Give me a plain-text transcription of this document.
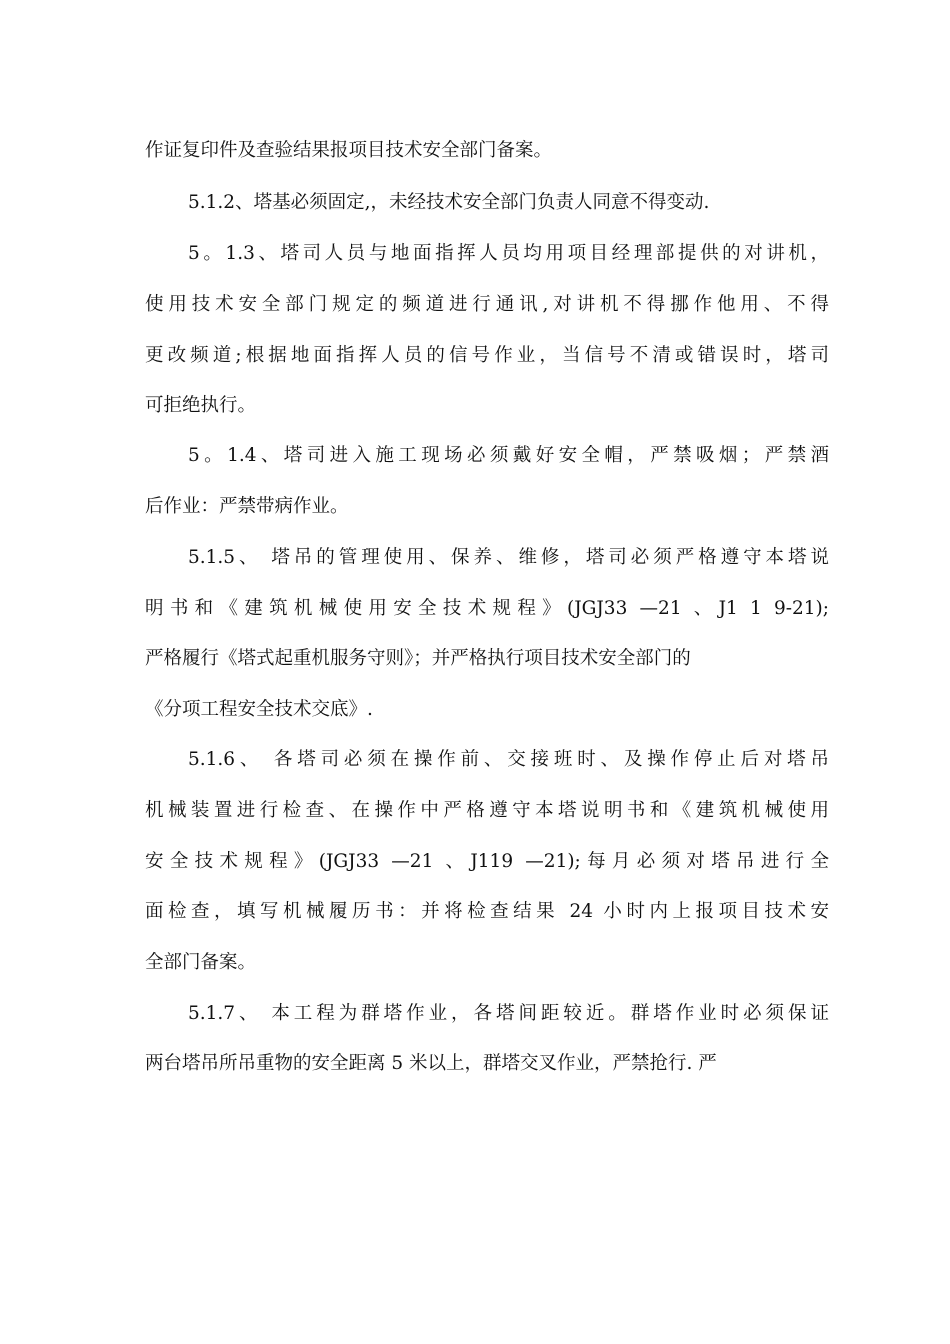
作证复印件及查验结果报项目技术安全部门备案。
5.1.2、塔基必须固定,，未经技术安全部门负责人同意不得变动.
5。1.3、塔司人员与地面指挥人员均用项目经理部提供的对讲机，
使用技术安全部门规定的频道进行通讯,对讲机不得挪作他用、不得
更改频道;根据地面指挥人员的信号作业，当信号不清或错误时，塔司
可拒绝执行。
5。1.4、塔司进入施工现场必须戴好安全帽，严禁吸烟；严禁酒
后作业：严禁带病作业。
5.1.5、 塔吊的管理使用、保养、维修，塔司必须严格遵守本塔说
明书和《建筑机械使用安全技术规程》(JGJ33 —21 、J1 1 9-21);
严格履行《塔式起重机服务守则》；并严格执行项目技术安全部门的
《分项工程安全技术交底》.
5.1.6、 各塔司必须在操作前、交接班时、及操作停止后对塔吊
机械装置进行检查、在操作中严格遵守本塔说明书和《建筑机械使用
安全技术规程》(JGJ33 —21 、J119 —21);每月必须对塔吊进行全
面检查，填写机械履历书：并将检查结果 24 小时内上报项目技术安
全部门备案。
5.1.7、 本工程为群塔作业，各塔间距较近。群塔作业时必须保证
两台塔吊所吊重物的安全距离 5 米以上，群塔交叉作业，严禁抢行. 严
